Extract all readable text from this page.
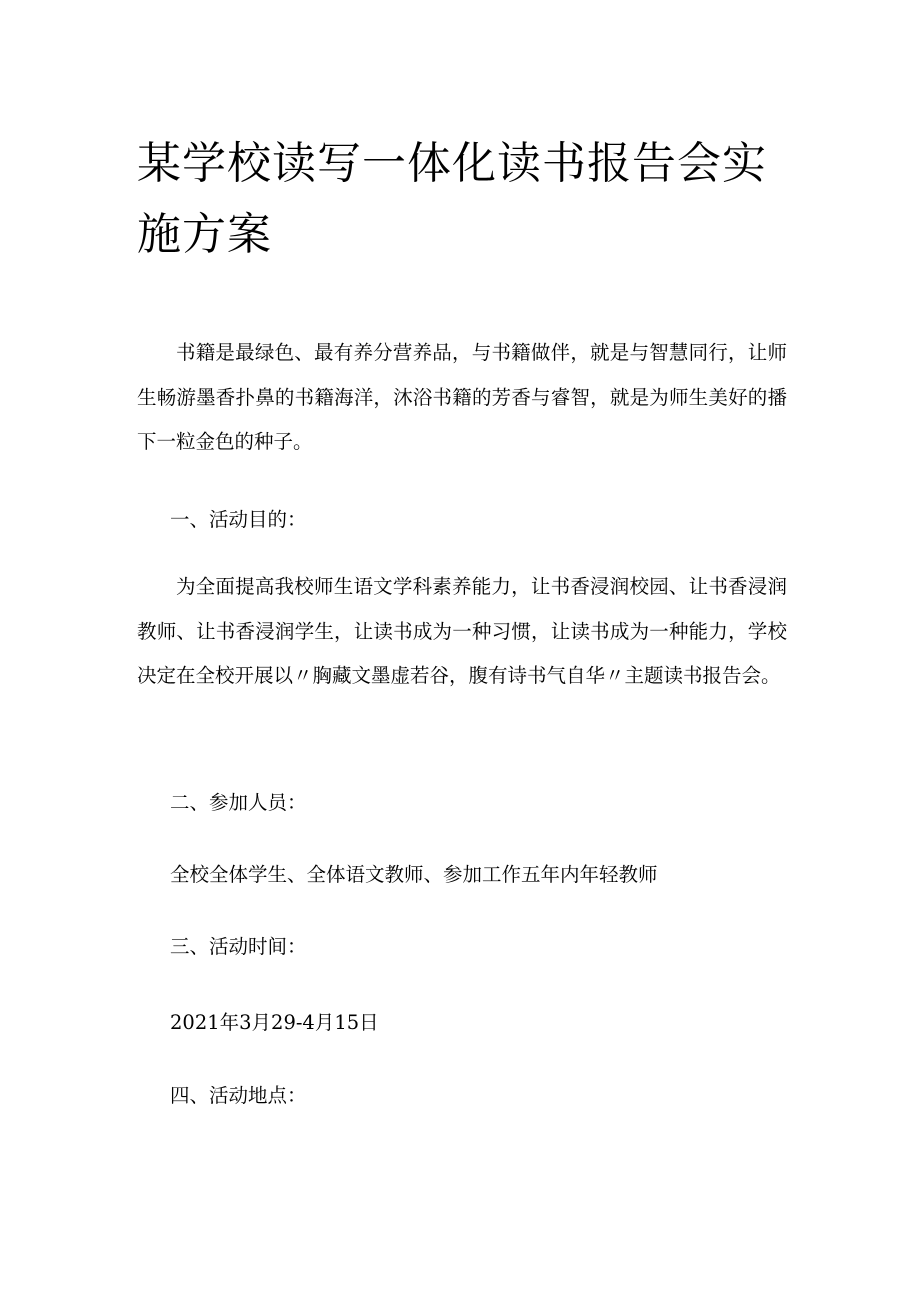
某学校读写一体化读书报告会实施方案

书籍是最绿色、最有养分营养品，与书籍做伴，就是与智慧同行，让师生畅游墨香扑鼻的书籍海洋，沐浴书籍的芳香与睿智，就是为师生美好的播下一粒金色的种子。

一、活动目的：

为全面提高我校师生语文学科素养能力，让书香浸润校园、让书香浸润教师、让书香浸润学生，让读书成为一种习惯，让读书成为一种能力，学校决定在全校开展以〃胸藏文墨虚若谷，腹有诗书气自华〃主题读书报告会。

二、参加人员：

全校全体学生、全体语文教师、参加工作五年内年轻教师

三、活动时间：

2021年3月29-4月15日

四、活动地点：
